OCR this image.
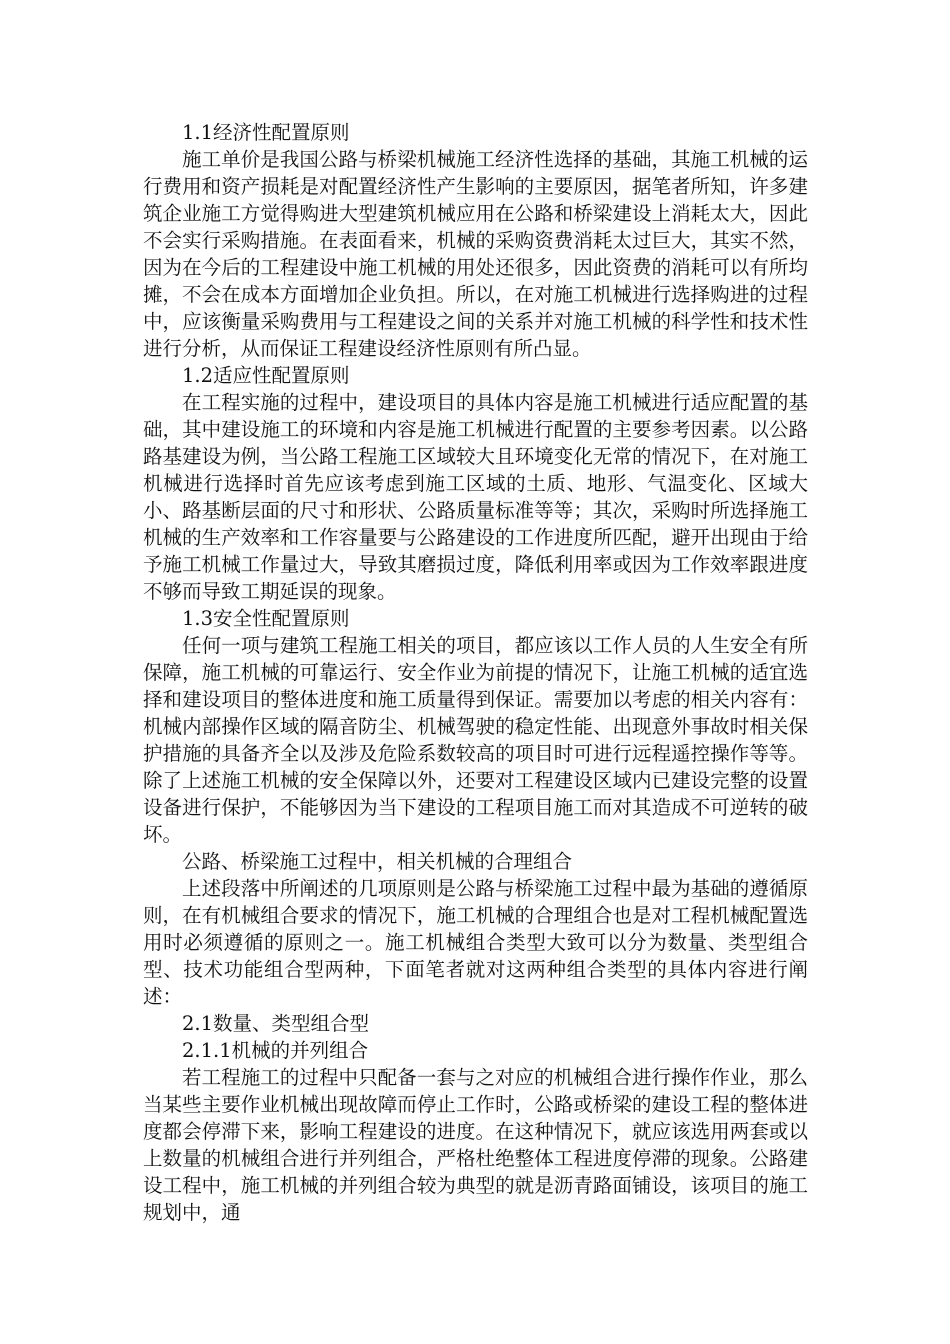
1.1经济性配置原则

施工单价是我国公路与桥梁机械施工经济性选择的基础，其施工机械的运行费用和资产损耗是对配置经济性产生影响的主要原因，据笔者所知，许多建筑企业施工方觉得购进大型建筑机械应用在公路和桥梁建设上消耗太大，因此不会实行采购措施。在表面看来，机械的采购资费消耗太过巨大，其实不然，因为在今后的工程建设中施工机械的用处还很多，因此资费的消耗可以有所均摊，不会在成本方面增加企业负担。所以，在对施工机械进行选择购进的过程中，应该衡量采购费用与工程建设之间的关系并对施工机械的科学性和技术性进行分析，从而保证工程建设经济性原则有所凸显。

1.2适应性配置原则

在工程实施的过程中，建设项目的具体内容是施工机械进行适应配置的基础，其中建设施工的环境和内容是施工机械进行配置的主要参考因素。以公路路基建设为例，当公路工程施工区域较大且环境变化无常的情况下，在对施工机械进行选择时首先应该考虑到施工区域的土质、地形、气温变化、区域大小、路基断层面的尺寸和形状、公路质量标准等等；其次，采购时所选择施工机械的生产效率和工作容量要与公路建设的工作进度所匹配，避开出现由于给予施工机械工作量过大，导致其磨损过度，降低利用率或因为工作效率跟进度不够而导致工期延误的现象。

1.3安全性配置原则

任何一项与建筑工程施工相关的项目，都应该以工作人员的人生安全有所保障，施工机械的可靠运行、安全作业为前提的情况下，让施工机械的适宜选择和建设项目的整体进度和施工质量得到保证。需要加以考虑的相关内容有：机械内部操作区域的隔音防尘、机械驾驶的稳定性能、出现意外事故时相关保护措施的具备齐全以及涉及危险系数较高的项目时可进行远程遥控操作等等。除了上述施工机械的安全保障以外，还要对工程建设区域内已建设完整的设置设备进行保护，不能够因为当下建设的工程项目施工而对其造成不可逆转的破坏。

公路、桥梁施工过程中，相关机械的合理组合

上述段落中所阐述的几项原则是公路与桥梁施工过程中最为基础的遵循原则，在有机械组合要求的情况下，施工机械的合理组合也是对工程机械配置选用时必须遵循的原则之一。施工机械组合类型大致可以分为数量、类型组合型、技术功能组合型两种，下面笔者就对这两种组合类型的具体内容进行阐述：

2.1数量、类型组合型

2.1.1机械的并列组合

若工程施工的过程中只配备一套与之对应的机械组合进行操作作业，那么当某些主要作业机械出现故障而停止工作时，公路或桥梁的建设工程的整体进度都会停滞下来，影响工程建设的进度。在这种情况下，就应该选用两套或以上数量的机械组合进行并列组合，严格杜绝整体工程进度停滞的现象。公路建设工程中，施工机械的并列组合较为典型的就是沥青路面铺设，该项目的施工规划中，通
